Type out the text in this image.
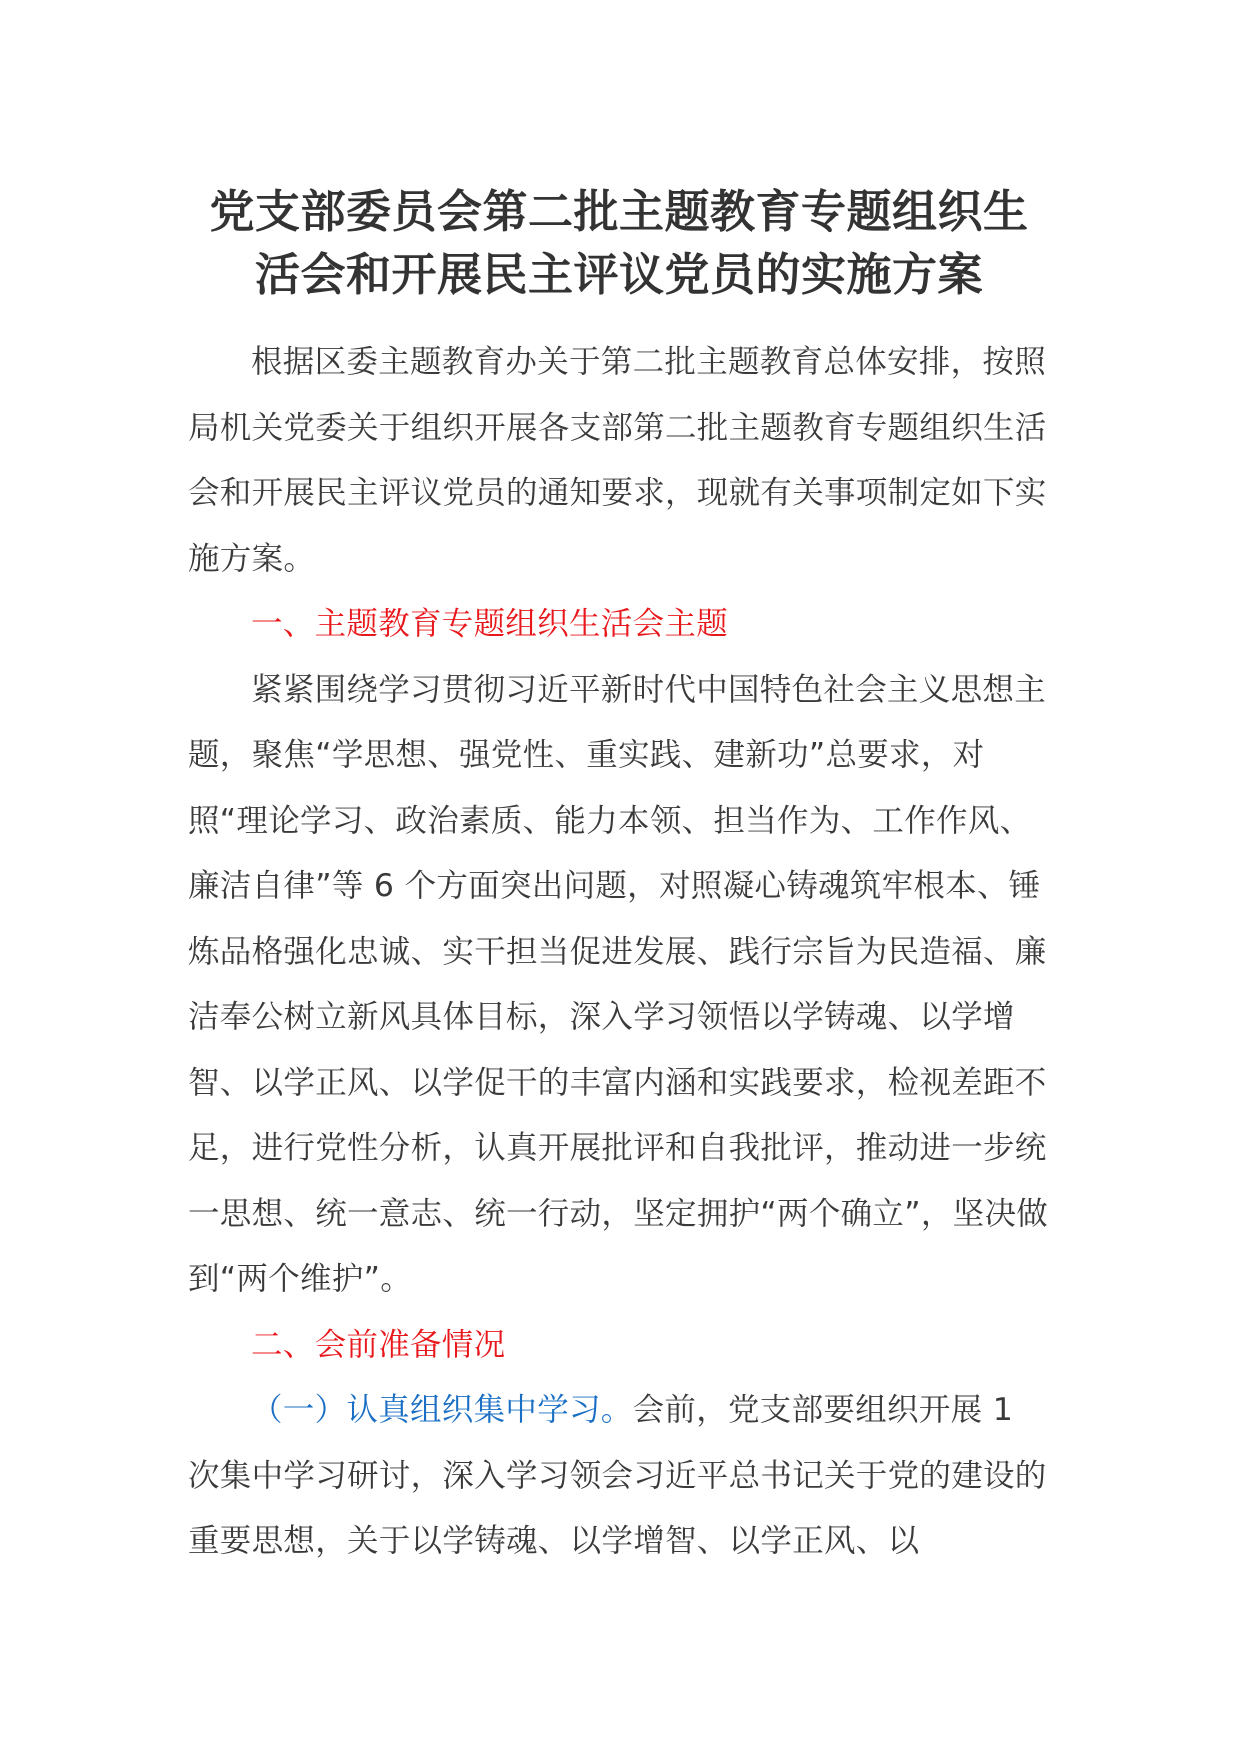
党支部委员会第二批主题教育专题组织生
活会和开展民主评议党员的实施方案

根据区委主题教育办关于第二批主题教育总体安排，按照局机关党委关于组织开展各支部第二批主题教育专题组织生活会和开展民主评议党员的通知要求，现就有关事项制定如下实施方案。

一、主题教育专题组织生活会主题

紧紧围绕学习贯彻习近平新时代中国特色社会主义思想主题，聚焦“学思想、强党性、重实践、建新功”总要求，对照“理论学习、政治素质、能力本领、担当作为、工作作风、廉洁自律”等 6 个方面突出问题，对照凝心铸魂筑牢根本、锤炼品格强化忠诚、实干担当促进发展、践行宗旨为民造福、廉洁奉公树立新风具体目标，深入学习领悟以学铸魂、以学增智、以学正风、以学促干的丰富内涵和实践要求，检视差距不足，进行党性分析，认真开展批评和自我批评，推动进一步统一思想、统一意志、统一行动，坚定拥护“两个确立”，坚决做到“两个维护”。

二、会前准备情况

（一）认真组织集中学习。会前，党支部要组织开展 1 次集中学习研讨，深入学习领会习近平总书记关于党的建设的重要思想，关于以学铸魂、以学增智、以学正风、以
